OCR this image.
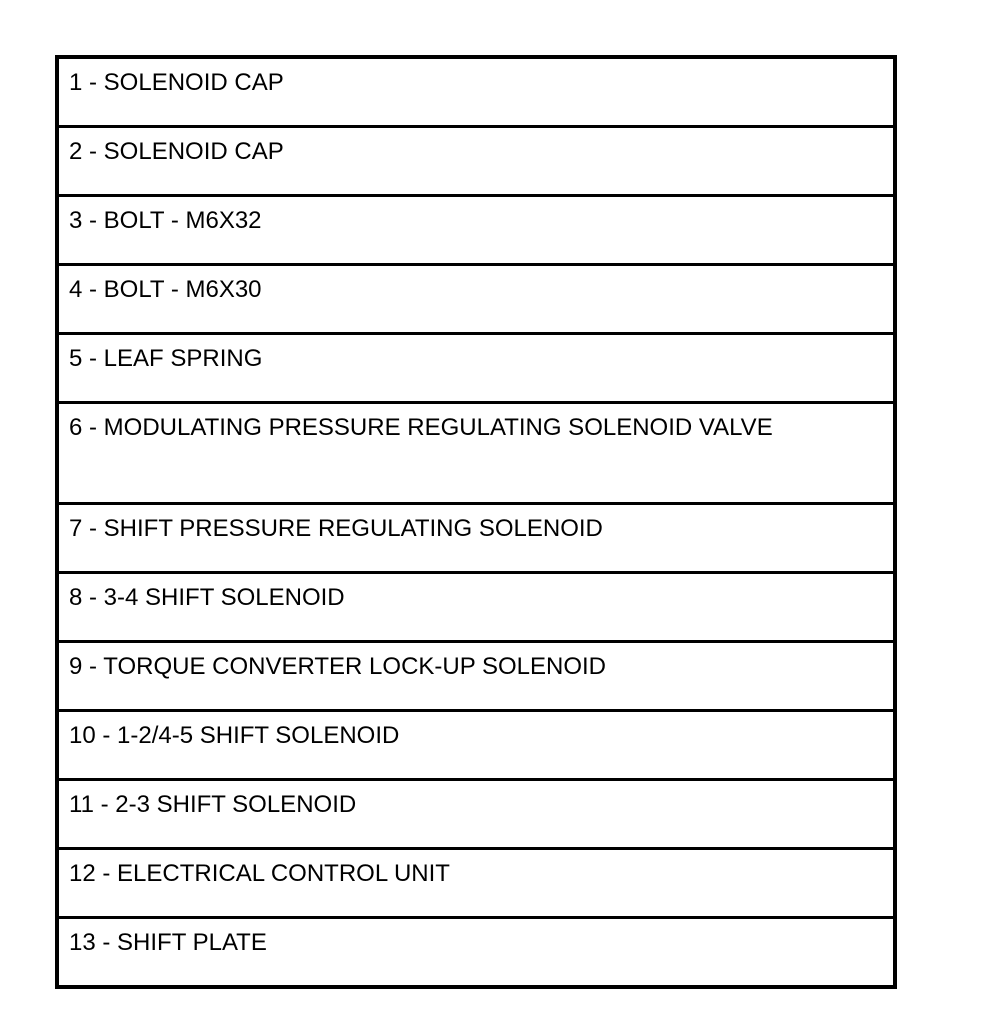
1 - SOLENOID CAP
2 - SOLENOID CAP
3 - BOLT - M6X32
4 - BOLT - M6X30
5 - LEAF SPRING
6 - MODULATING PRESSURE REGULATING SOLENOID VALVE
7 - SHIFT PRESSURE REGULATING SOLENOID
8 - 3-4 SHIFT SOLENOID
9 - TORQUE CONVERTER LOCK-UP SOLENOID
10 - 1-2/4-5 SHIFT SOLENOID
11 - 2-3 SHIFT SOLENOID
12 - ELECTRICAL CONTROL UNIT
13 - SHIFT PLATE
